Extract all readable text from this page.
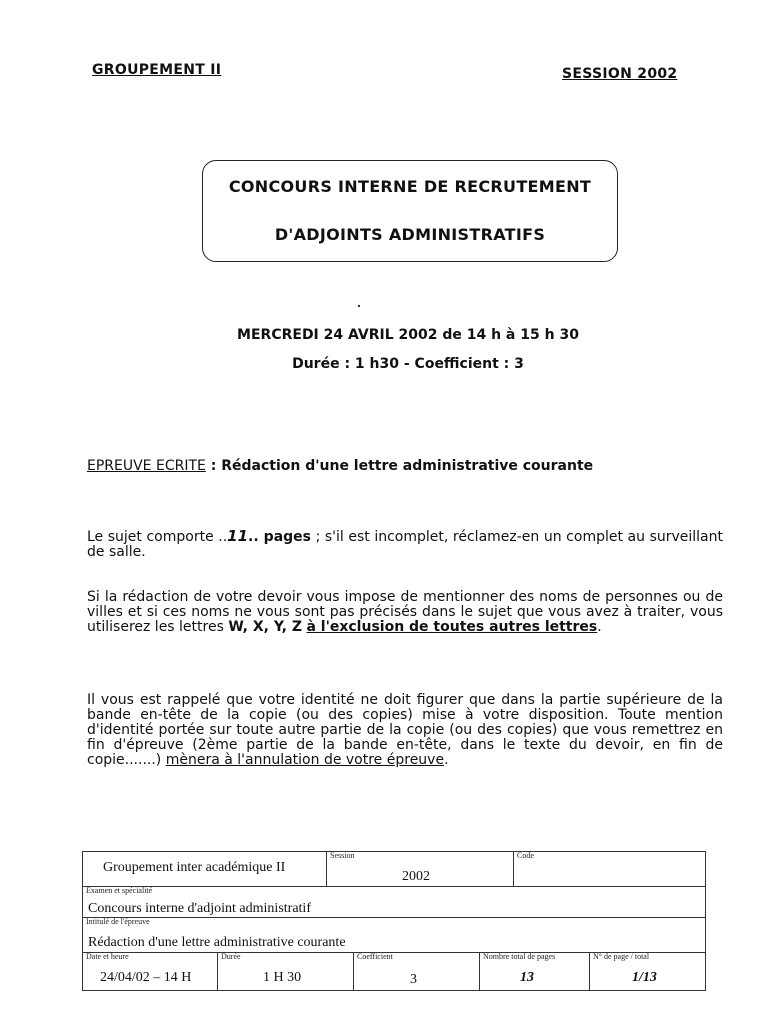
GROUPEMENT II	SESSION 2002
CONCOURS INTERNE DE RECRUTEMENT
D'ADJOINTS ADMINISTRATIFS
MERCREDI 24 AVRIL 2002 de 14 h à 15 h 30
Durée : 1 h30 - Coefficient : 3
EPREUVE ECRITE : Rédaction d'une lettre administrative courante
Le sujet comporte ..11.. pages ; s'il est incomplet, réclamez-en un complet au surveillant de salle.
Si la rédaction de votre devoir vous impose de mentionner des noms de personnes ou de villes et si ces noms ne vous sont pas précisés dans le sujet que vous avez à traiter, vous utiliserez les lettres W, X, Y, Z à l'exclusion de toutes autres lettres.
Il vous est rappelé que votre identité ne doit figurer que dans la partie supérieure de la bande en-tête de la copie (ou des copies) mise à votre disposition. Toute mention d'identité portée sur toute autre partie de la copie (ou des copies) que vous remettrez en fin d'épreuve (2ème partie de la bande en-tête, dans le texte du devoir, en fin de copie.......) mènera à l'annulation de votre épreuve.
Groupement inter académique II
Session
2002
Code
Examen et spécialité
Concours interne d'adjoint administratif
Intitulé de l'épreuve
Rédaction d'une lettre administrative courante
Date et heure
24/04/02 – 14 H
Durée
1 H 30
Coefficient
3
Nombre total de pages
13
N° de page / total
1/13
